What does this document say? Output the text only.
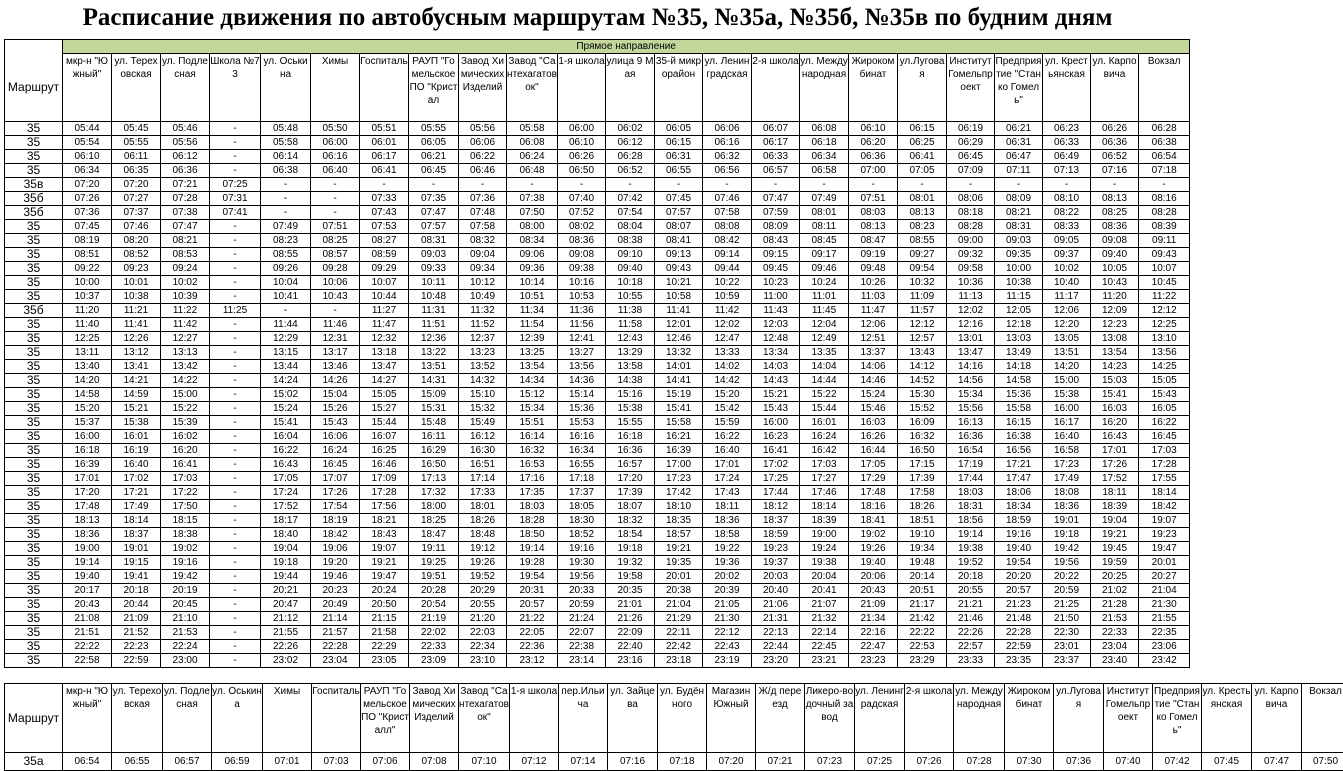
Расписание движения по автобусным маршрутам №35, №35а, №35б, №35в по будним дням
	Прямое направление																						
Маршрут	мкр-н "Южный"	ул. Тереховская	ул. Подлесная	Школа №73	ул. Оськина	Химы	Госпиталь	РАУП "Гомельское ПО "Кристал	Завод Химических Изделий	Завод "Сантехагатовок"	1-я школа	улица 9 Мая	35-й микрорайон	ул. Ленинградская	2-я школа	ул. Международная	Жирокомбинат	ул.Луговая	Институт Гомельпроект	Предприятие "Станко Гомель"	ул. Крестьянская	ул. Карповича	Вокзал
35	05:44	05:45	05:46	-	05:48	05:50	05:51	05:55	05:56	05:58	06:00	06:02	06:05	06:06	06:07	06:08	06:10	06:15	06:19	06:21	06:23	06:26	06:28
35	05:54	05:55	05:56	-	05:58	06:00	06:01	06:05	06:06	06:08	06:10	06:12	06:15	06:16	06:17	06:18	06:20	06:25	06:29	06:31	06:33	06:36	06:38
35	06:10	06:11	06:12	-	06:14	06:16	06:17	06:21	06:22	06:24	06:26	06:28	06:31	06:32	06:33	06:34	06:36	06:41	06:45	06:47	06:49	06:52	06:54
35	06:34	06:35	06:36	-	06:38	06:40	06:41	06:45	06:46	06:48	06:50	06:52	06:55	06:56	06:57	06:58	07:00	07:05	07:09	07:11	07:13	07:16	07:18
35в	07:20	07:20	07:21	07:25	-	-	-	-	-	-	-	-	-	-	-	-	-	-	-	-	-	-	-
35б	07:26	07:27	07:28	07:31	-	-	07:33	07:35	07:36	07:38	07:40	07:42	07:45	07:46	07:47	07:49	07:51	08:01	08:06	08:09	08:10	08:13	08:16
35б	07:36	07:37	07:38	07:41	-	-	07:43	07:47	07:48	07:50	07:52	07:54	07:57	07:58	07:59	08:01	08:03	08:13	08:18	08:21	08:22	08:25	08:28
35	07:45	07:46	07:47	-	07:49	07:51	07:53	07:57	07:58	08:00	08:02	08:04	08:07	08:08	08:09	08:11	08:13	08:23	08:28	08:31	08:33	08:36	08:39
35	08:19	08:20	08:21	-	08:23	08:25	08:27	08:31	08:32	08:34	08:36	08:38	08:41	08:42	08:43	08:45	08:47	08:55	09:00	09:03	09:05	09:08	09:11
35	08:51	08:52	08:53	-	08:55	08:57	08:59	09:03	09:04	09:06	09:08	09:10	09:13	09:14	09:15	09:17	09:19	09:27	09:32	09:35	09:37	09:40	09:43
35	09:22	09:23	09:24	-	09:26	09:28	09:29	09:33	09:34	09:36	09:38	09:40	09:43	09:44	09:45	09:46	09:48	09:54	09:58	10:00	10:02	10:05	10:07
35	10:00	10:01	10:02	-	10:04	10:06	10:07	10:11	10:12	10:14	10:16	10:18	10:21	10:22	10:23	10:24	10:26	10:32	10:36	10:38	10:40	10:43	10:45
35	10:37	10:38	10:39	-	10:41	10:43	10:44	10:48	10:49	10:51	10:53	10:55	10:58	10:59	11:00	11:01	11:03	11:09	11:13	11:15	11:17	11:20	11:22
35б	11:20	11:21	11:22	11:25	-	-	11:27	11:31	11:32	11:34	11:36	11:38	11:41	11:42	11:43	11:45	11:47	11:57	12:02	12:05	12:06	12:09	12:12
35	11:40	11:41	11:42	-	11:44	11:46	11:47	11:51	11:52	11:54	11:56	11:58	12:01	12:02	12:03	12:04	12:06	12:12	12:16	12:18	12:20	12:23	12:25
35	12:25	12:26	12:27	-	12:29	12:31	12:32	12:36	12:37	12:39	12:41	12:43	12:46	12:47	12:48	12:49	12:51	12:57	13:01	13:03	13:05	13:08	13:10
35	13:11	13:12	13:13	-	13:15	13:17	13:18	13:22	13:23	13:25	13:27	13:29	13:32	13:33	13:34	13:35	13:37	13:43	13:47	13:49	13:51	13:54	13:56
35	13:40	13:41	13:42	-	13:44	13:46	13:47	13:51	13:52	13:54	13:56	13:58	14:01	14:02	14:03	14:04	14:06	14:12	14:16	14:18	14:20	14:23	14:25
35	14:20	14:21	14:22	-	14:24	14:26	14:27	14:31	14:32	14:34	14:36	14:38	14:41	14:42	14:43	14:44	14:46	14:52	14:56	14:58	15:00	15:03	15:05
35	14:58	14:59	15:00	-	15:02	15:04	15:05	15:09	15:10	15:12	15:14	15:16	15:19	15:20	15:21	15:22	15:24	15:30	15:34	15:36	15:38	15:41	15:43
35	15:20	15:21	15:22	-	15:24	15:26	15:27	15:31	15:32	15:34	15:36	15:38	15:41	15:42	15:43	15:44	15:46	15:52	15:56	15:58	16:00	16:03	16:05
35	15:37	15:38	15:39	-	15:41	15:43	15:44	15:48	15:49	15:51	15:53	15:55	15:58	15:59	16:00	16:01	16:03	16:09	16:13	16:15	16:17	16:20	16:22
35	16:00	16:01	16:02	-	16:04	16:06	16:07	16:11	16:12	16:14	16:16	16:18	16:21	16:22	16:23	16:24	16:26	16:32	16:36	16:38	16:40	16:43	16:45
35	16:18	16:19	16:20	-	16:22	16:24	16:25	16:29	16:30	16:32	16:34	16:36	16:39	16:40	16:41	16:42	16:44	16:50	16:54	16:56	16:58	17:01	17:03
35	16:39	16:40	16:41	-	16:43	16:45	16:46	16:50	16:51	16:53	16:55	16:57	17:00	17:01	17:02	17:03	17:05	17:15	17:19	17:21	17:23	17:26	17:28
35	17:01	17:02	17:03	-	17:05	17:07	17:09	17:13	17:14	17:16	17:18	17:20	17:23	17:24	17:25	17:27	17:29	17:39	17:44	17:47	17:49	17:52	17:55
35	17:20	17:21	17:22	-	17:24	17:26	17:28	17:32	17:33	17:35	17:37	17:39	17:42	17:43	17:44	17:46	17:48	17:58	18:03	18:06	18:08	18:11	18:14
35	17:48	17:49	17:50	-	17:52	17:54	17:56	18:00	18:01	18:03	18:05	18:07	18:10	18:11	18:12	18:14	18:16	18:26	18:31	18:34	18:36	18:39	18:42
35	18:13	18:14	18:15	-	18:17	18:19	18:21	18:25	18:26	18:28	18:30	18:32	18:35	18:36	18:37	18:39	18:41	18:51	18:56	18:59	19:01	19:04	19:07
35	18:36	18:37	18:38	-	18:40	18:42	18:43	18:47	18:48	18:50	18:52	18:54	18:57	18:58	18:59	19:00	19:02	19:10	19:14	19:16	19:18	19:21	19:23
35	19:00	19:01	19:02	-	19:04	19:06	19:07	19:11	19:12	19:14	19:16	19:18	19:21	19:22	19:23	19:24	19:26	19:34	19:38	19:40	19:42	19:45	19:47
35	19:14	19:15	19:16	-	19:18	19:20	19:21	19:25	19:26	19:28	19:30	19:32	19:35	19:36	19:37	19:38	19:40	19:48	19:52	19:54	19:56	19:59	20:01
35	19:40	19:41	19:42	-	19:44	19:46	19:47	19:51	19:52	19:54	19:56	19:58	20:01	20:02	20:03	20:04	20:06	20:14	20:18	20:20	20:22	20:25	20:27
35	20:17	20:18	20:19	-	20:21	20:23	20:24	20:28	20:29	20:31	20:33	20:35	20:38	20:39	20:40	20:41	20:43	20:51	20:55	20:57	20:59	21:02	21:04
35	20:43	20:44	20:45	-	20:47	20:49	20:50	20:54	20:55	20:57	20:59	21:01	21:04	21:05	21:06	21:07	21:09	21:17	21:21	21:23	21:25	21:28	21:30
35	21:08	21:09	21:10	-	21:12	21:14	21:15	21:19	21:20	21:22	21:24	21:26	21:29	21:30	21:31	21:32	21:34	21:42	21:46	21:48	21:50	21:53	21:55
35	21:51	21:52	21:53	-	21:55	21:57	21:58	22:02	22:03	22:05	22:07	22:09	22:11	22:12	22:13	22:14	22:16	22:22	22:26	22:28	22:30	22:33	22:35
35	22:22	22:23	22:24	-	22:26	22:28	22:29	22:33	22:34	22:36	22:38	22:40	22:42	22:43	22:44	22:45	22:47	22:53	22:57	22:59	23:01	23:04	23:06
35	22:58	22:59	23:00	-	23:02	23:04	23:05	23:09	23:10	23:12	23:14	23:16	23:18	23:19	23:20	23:21	23:23	23:29	23:33	23:35	23:37	23:40	23:42
Маршрут	мкр-н "Южный"	ул. Тереховская	ул. Подлесная	ул. Оськина	Химы	Госпиталь	РАУП "Гомельское ПО "Кристалл"	Завод Химических Изделий	Завод "Сантехагатовок"	1-я школа	пер.Ильича	ул. Зайцева	ул. Будённого	Магазин Южный	Ж/д переезд	Ликеро-водочный завод	ул. Ленинградская	2-я школа	ул. Международная	Жирокомбинат	ул.Луговая	Институт Гомельпроект	Предприятие "Станко Гомель"	ул. Крестьянская	ул. Карповича	Вокзал
35а	06:54	06:55	06:57	06:59	07:01	07:03	07:06	07:08	07:10	07:12	07:14	07:16	07:18	07:20	07:21	07:23	07:25	07:26	07:28	07:30	07:36	07:40	07:42	07:45	07:47	07:50
